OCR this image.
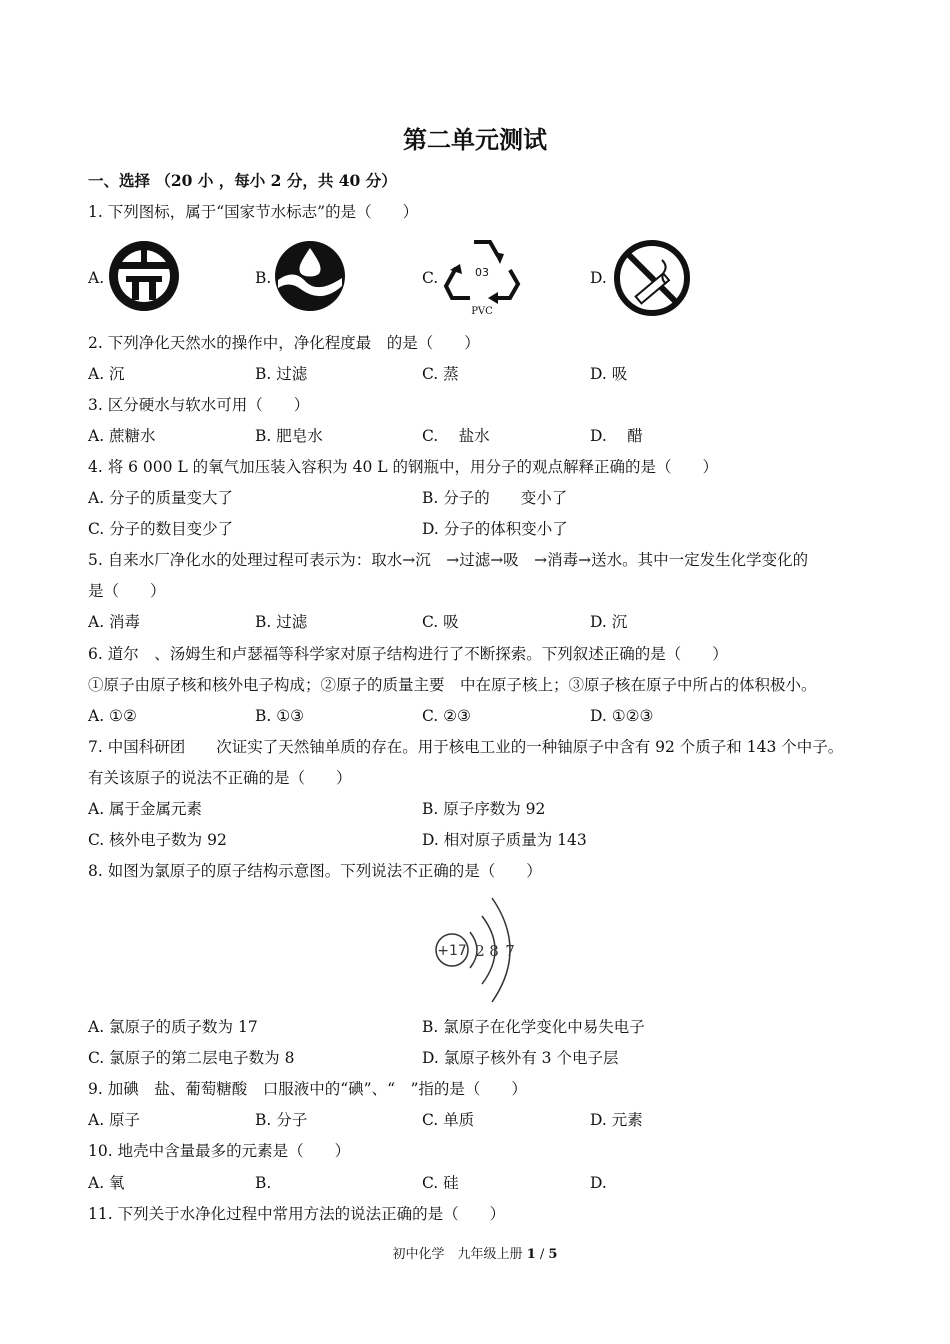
第二单元测试
一、选择 （20 小 ，每小 2 分，共 40 分）
1. 下列图标，属于“国家节水标志”的是（　　）
A.	B.	C.	D.
03
PVC
2. 下列净化天然水的操作中，净化程度最　的是（　　）
A. 沉	B. 过滤	C. 蒸	D. 吸
3. 区分硬水与软水可用（　　）
A. 蔗糖水	B. 肥皂水	C.　 盐水	D.　 醋
4. 将 6 000 L 的氧气加压装入容积为 40 L 的钢瓶中，用分子的观点解释正确的是（　　）
A. 分子的质量变大了	B. 分子的　　变小了
C. 分子的数目变少了	D. 分子的体积变小了
5. 自来水厂净化水的处理过程可表示为：取水→沉　→过滤→吸　→消毒→送水。其中一定发生化学变化的
是（　　）
A. 消毒	B. 过滤	C. 吸	D. 沉
6. 道尔　、汤姆生和卢瑟福等科学家对原子结构进行了不断探索。下列叙述正确的是（　　）
①原子由原子核和核外电子构成；②原子的质量主要　中在原子核上；③原子核在原子中所占的体积极小。
A. ①②	B. ①③	C. ②③	D. ①②③
7. 中国科研团　　次证实了天然铀单质的存在。用于核电工业的一种铀原子中含有 92 个质子和 143 个中子。
有关该原子的说法不正确的是（　　）
A. 属于金属元素	B. 原子序数为 92
C. 核外电子数为 92	D. 相对原子质量为 143
8. 如图为氯原子的原子结构示意图。下列说法不正确的是（　　）
+17 2 8 7
A. 氯原子的质子数为 17	B. 氯原子在化学变化中易失电子
C. 氯原子的第二层电子数为 8	D. 氯原子核外有 3 个电子层
9. 加碘　盐、葡萄糖酸　口服液中的“碘”、“　”指的是（　　）
A. 原子	B. 分子	C. 单质	D. 元素
10. 地壳中含量最多的元素是（　　）
A. 氧	B.	C. 硅	D.
11. 下列关于水净化过程中常用方法的说法正确的是（　　）
初中化学　九年级上册 1 / 5
